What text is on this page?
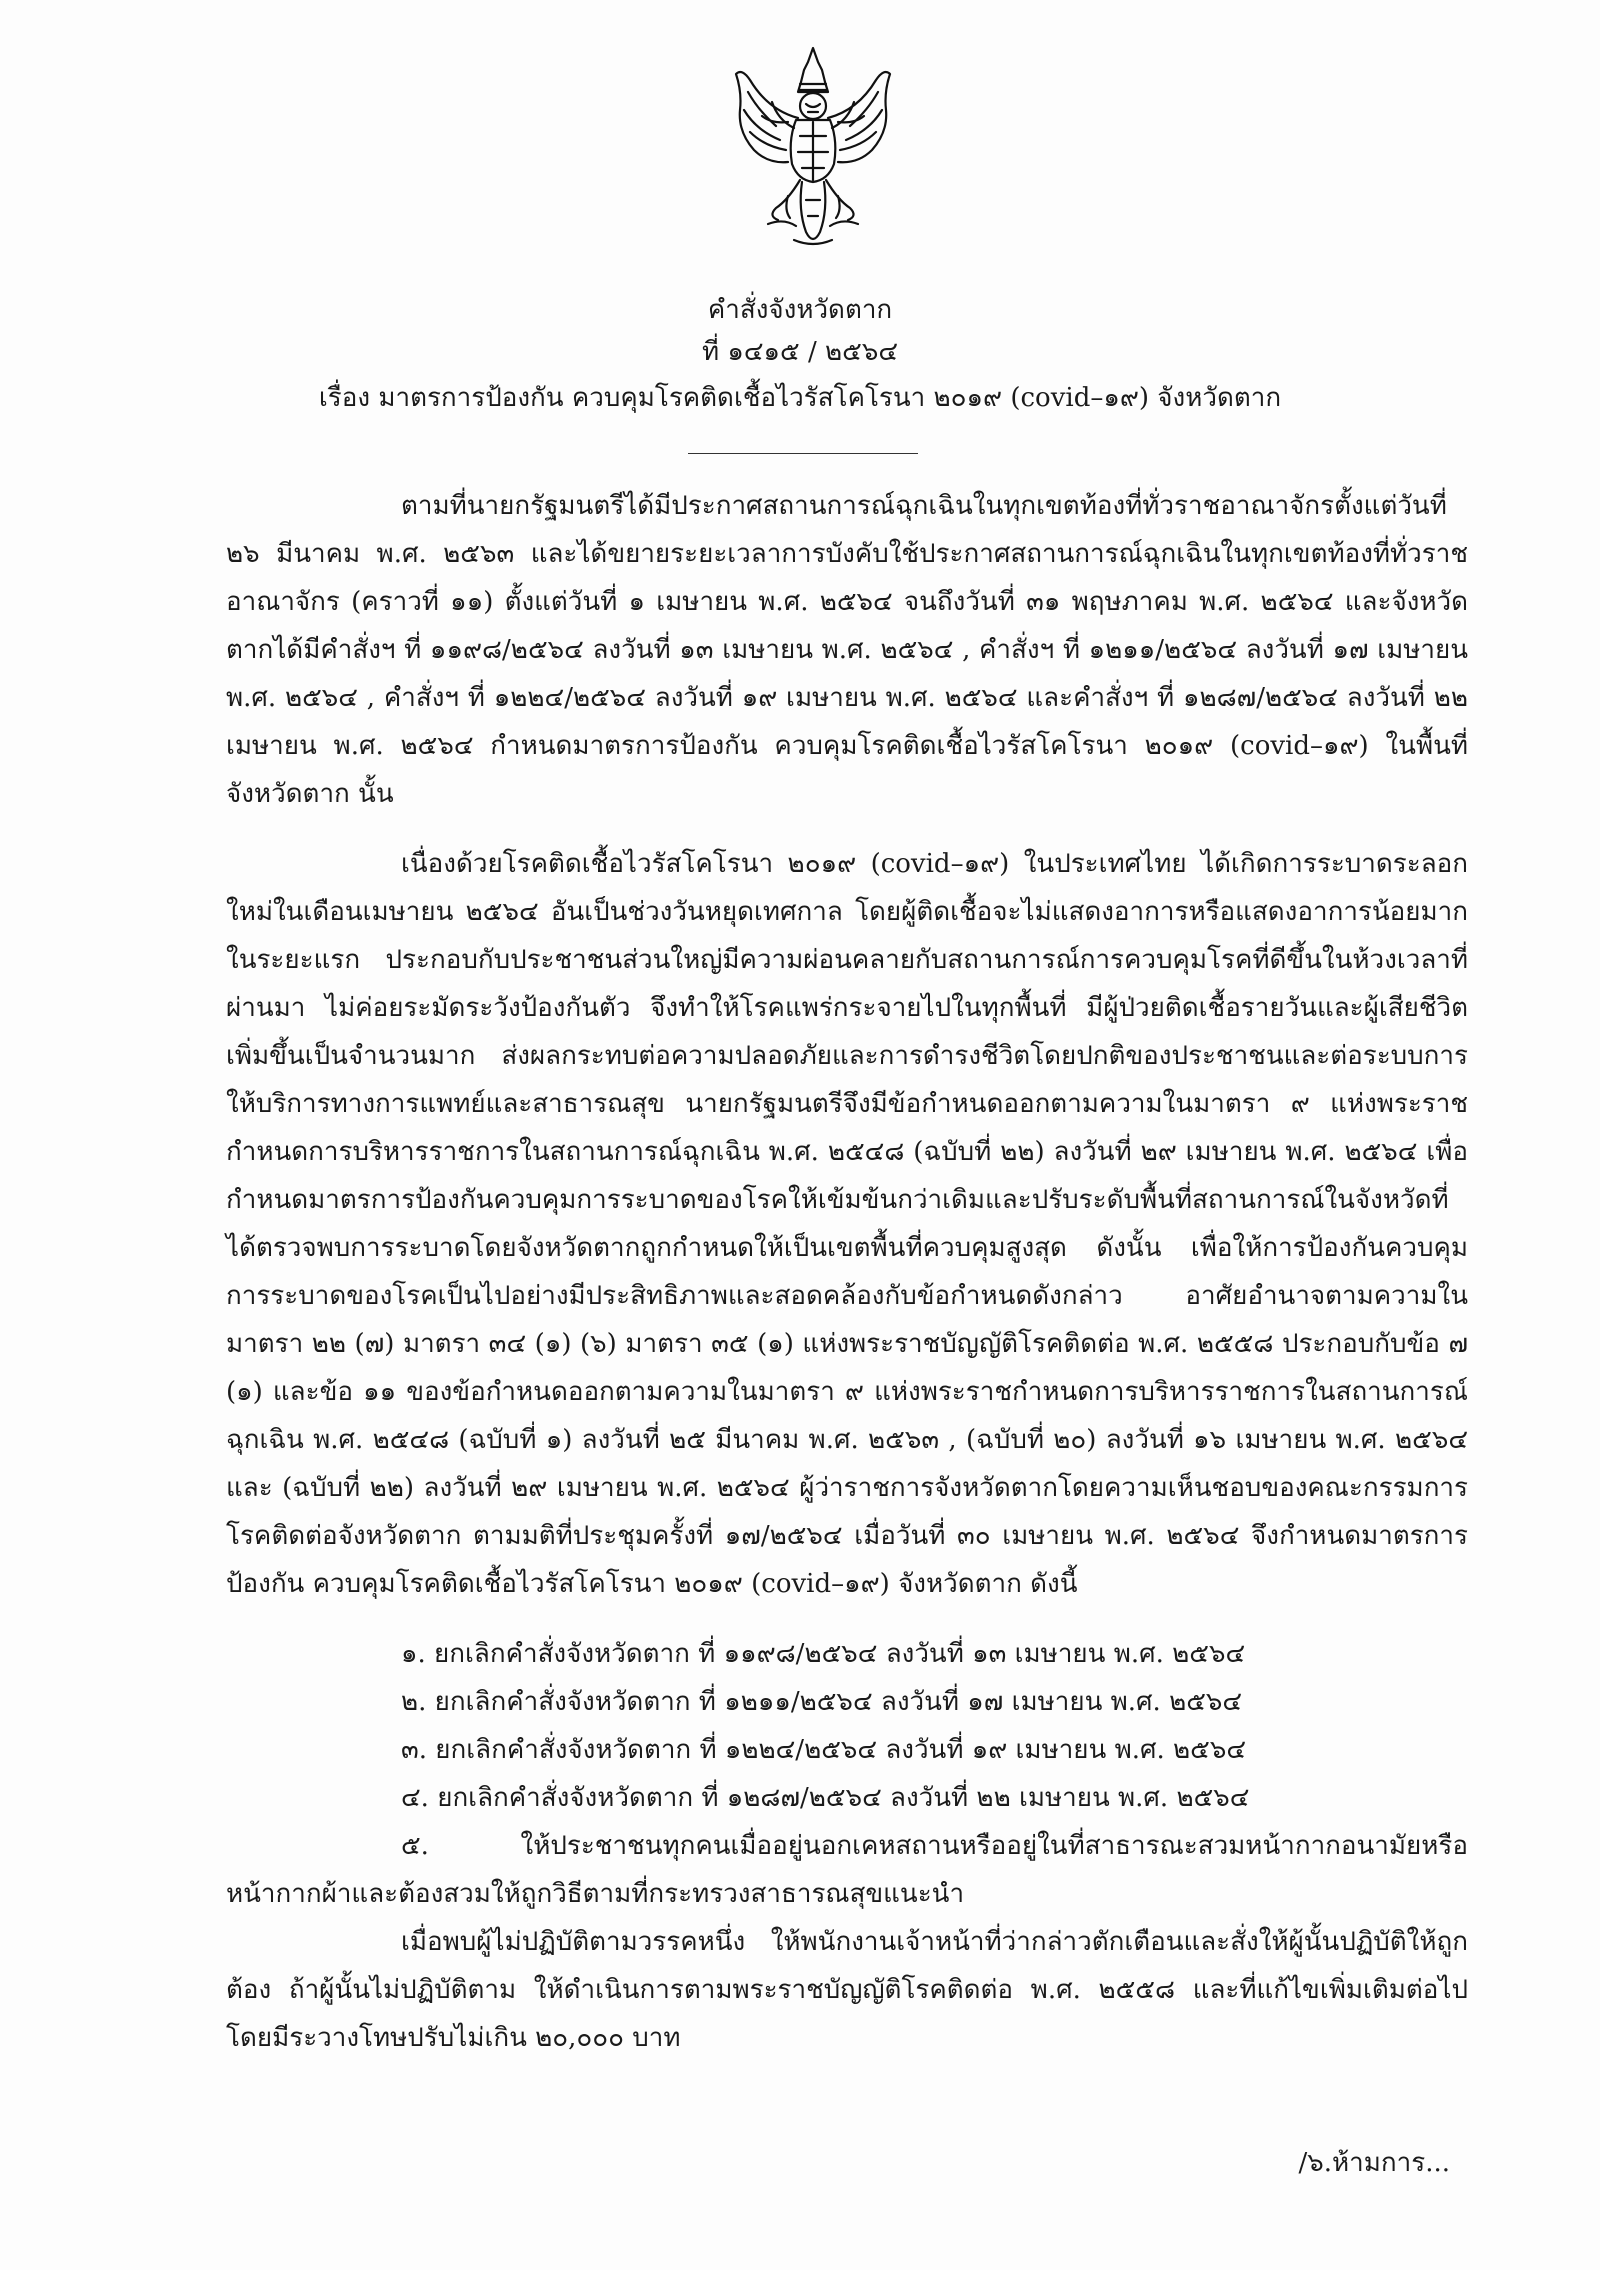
คำสั่งจังหวัดตาก
ที่ ๑๔๑๕ / ๒๕๖๔
เรื่อง มาตรการป้องกัน ควบคุมโรคติดเชื้อไวรัสโคโรนา ๒๐๑๙ (covid–๑๙) จังหวัดตาก

ตามที่นายกรัฐมนตรีได้มีประกาศสถานการณ์ฉุกเฉินในทุกเขตท้องที่ทั่วราชอาณาจักรตั้งแต่วันที่ ๒๖ มีนาคม พ.ศ. ๒๕๖๓ และได้ขยายระยะเวลาการบังคับใช้ประกาศสถานการณ์ฉุกเฉินในทุกเขตท้องที่ทั่วราชอาณาจักร (คราวที่ ๑๑) ตั้งแต่วันที่ ๑ เมษายน พ.ศ. ๒๕๖๔ จนถึงวันที่ ๓๑ พฤษภาคม พ.ศ. ๒๕๖๔ และจังหวัดตากได้มีคำสั่งฯ ที่ ๑๑๙๘/๒๕๖๔ ลงวันที่ ๑๓ เมษายน พ.ศ. ๒๕๖๔ , คำสั่งฯ ที่ ๑๒๑๑/๒๕๖๔ ลงวันที่ ๑๗ เมษายน พ.ศ. ๒๕๖๔ , คำสั่งฯ ที่ ๑๒๒๔/๒๕๖๔ ลงวันที่ ๑๙ เมษายน พ.ศ. ๒๕๖๔ และคำสั่งฯ ที่ ๑๒๘๗/๒๕๖๔ ลงวันที่ ๒๒ เมษายน พ.ศ. ๒๕๖๔ กำหนดมาตรการป้องกัน ควบคุมโรคติดเชื้อไวรัสโคโรนา ๒๐๑๙ (covid–๑๙) ในพื้นที่จังหวัดตาก นั้น

เนื่องด้วยโรคติดเชื้อไวรัสโคโรนา ๒๐๑๙ (covid–๑๙) ในประเทศไทย ได้เกิดการระบาดระลอกใหม่ในเดือนเมษายน ๒๕๖๔ อันเป็นช่วงวันหยุดเทศกาล โดยผู้ติดเชื้อจะไม่แสดงอาการหรือแสดงอาการน้อยมากในระยะแรก ประกอบกับประชาชนส่วนใหญ่มีความผ่อนคลายกับสถานการณ์การควบคุมโรคที่ดีขึ้นในห้วงเวลาที่ผ่านมา ไม่ค่อยระมัดระวังป้องกันตัว จึงทำให้โรคแพร่กระจายไปในทุกพื้นที่ มีผู้ป่วยติดเชื้อรายวันและผู้เสียชีวิตเพิ่มขึ้นเป็นจำนวนมาก ส่งผลกระทบต่อความปลอดภัยและการดำรงชีวิตโดยปกติของประชาชนและต่อระบบการให้บริการทางการแพทย์และสาธารณสุข นายกรัฐมนตรีจึงมีข้อกำหนดออกตามความในมาตรา ๙ แห่งพระราชกำหนดการบริหารราชการในสถานการณ์ฉุกเฉิน พ.ศ. ๒๕๔๘ (ฉบับที่ ๒๒) ลงวันที่ ๒๙ เมษายน พ.ศ. ๒๕๖๔ เพื่อกำหนดมาตรการป้องกันควบคุมการระบาดของโรคให้เข้มข้นกว่าเดิมและปรับระดับพื้นที่สถานการณ์ในจังหวัดที่ได้ตรวจพบการระบาดโดยจังหวัดตากถูกกำหนดให้เป็นเขตพื้นที่ควบคุมสูงสุด ดังนั้น เพื่อให้การป้องกันควบคุมการระบาดของโรคเป็นไปอย่างมีประสิทธิภาพและสอดคล้องกับข้อกำหนดดังกล่าว อาศัยอำนาจตามความในมาตรา ๒๒ (๗) มาตรา ๓๔ (๑) (๖) มาตรา ๓๕ (๑) แห่งพระราชบัญญัติโรคติดต่อ พ.ศ. ๒๕๕๘ ประกอบกับข้อ ๗ (๑) และข้อ ๑๑ ของข้อกำหนดออกตามความในมาตรา ๙ แห่งพระราชกำหนดการบริหารราชการในสถานการณ์ฉุกเฉิน พ.ศ. ๒๕๔๘ (ฉบับที่ ๑) ลงวันที่ ๒๕ มีนาคม พ.ศ. ๒๕๖๓ , (ฉบับที่ ๒๐) ลงวันที่ ๑๖ เมษายน พ.ศ. ๒๕๖๔ และ (ฉบับที่ ๒๒) ลงวันที่ ๒๙ เมษายน พ.ศ. ๒๕๖๔ ผู้ว่าราชการจังหวัดตากโดยความเห็นชอบของคณะกรรมการโรคติดต่อจังหวัดตาก ตามมติที่ประชุมครั้งที่ ๑๗/๒๕๖๔ เมื่อวันที่ ๓๐ เมษายน พ.ศ. ๒๕๖๔ จึงกำหนดมาตรการป้องกัน ควบคุมโรคติดเชื้อไวรัสโคโรนา ๒๐๑๙ (covid–๑๙) จังหวัดตาก ดังนี้

๑. ยกเลิกคำสั่งจังหวัดตาก ที่ ๑๑๙๘/๒๕๖๔ ลงวันที่ ๑๓ เมษายน พ.ศ. ๒๕๖๔

๒. ยกเลิกคำสั่งจังหวัดตาก ที่ ๑๒๑๑/๒๕๖๔ ลงวันที่ ๑๗ เมษายน พ.ศ. ๒๕๖๔

๓. ยกเลิกคำสั่งจังหวัดตาก ที่ ๑๒๒๔/๒๕๖๔ ลงวันที่ ๑๙ เมษายน พ.ศ. ๒๕๖๔

๔. ยกเลิกคำสั่งจังหวัดตาก ที่ ๑๒๘๗/๒๕๖๔ ลงวันที่ ๒๒ เมษายน พ.ศ. ๒๕๖๔

๕. ให้ประชาชนทุกคนเมื่ออยู่นอกเคหสถานหรืออยู่ในที่สาธารณะสวมหน้ากากอนามัยหรือหน้ากากผ้าและต้องสวมให้ถูกวิธีตามที่กระทรวงสาธารณสุขแนะนำ

เมื่อพบผู้ไม่ปฏิบัติตามวรรคหนึ่ง ให้พนักงานเจ้าหน้าที่ว่ากล่าวตักเตือนและสั่งให้ผู้นั้นปฏิบัติให้ถูกต้อง ถ้าผู้นั้นไม่ปฏิบัติตาม ให้ดำเนินการตามพระราชบัญญัติโรคติดต่อ พ.ศ. ๒๕๕๘ และที่แก้ไขเพิ่มเติมต่อไป โดยมีระวางโทษปรับไม่เกิน ๒๐,๐๐๐ บาท

/๖.ห้ามการ...
